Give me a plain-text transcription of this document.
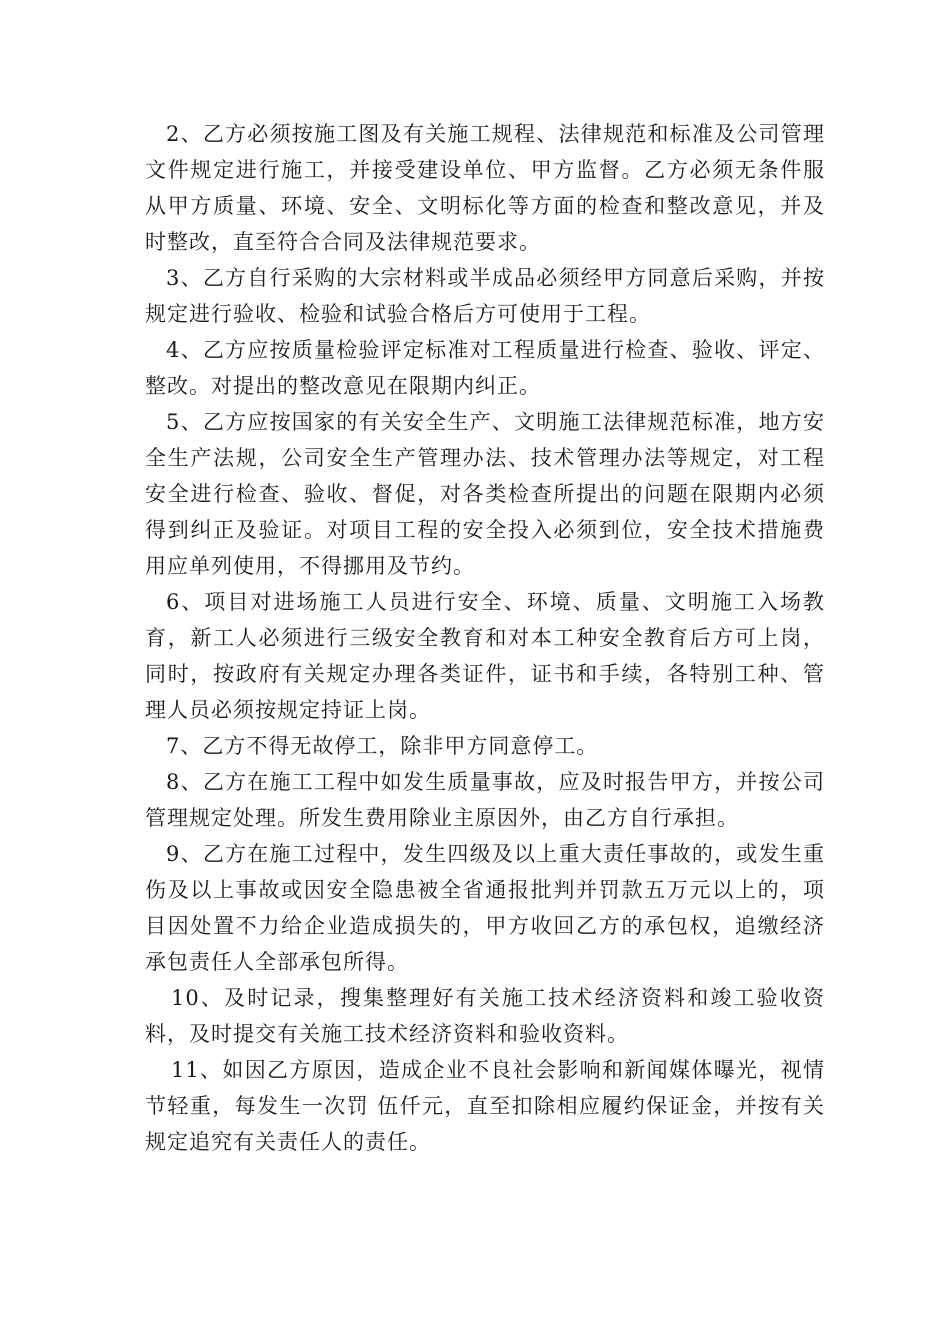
2、乙方必须按施工图及有关施工规程、法律规范和标准及公司管理文件规定进行施工，并接受建设单位、甲方监督。乙方必须无条件服从甲方质量、环境、安全、文明标化等方面的检查和整改意见，并及时整改，直至符合合同及法律规范要求。

3、乙方自行采购的大宗材料或半成品必须经甲方同意后采购，并按规定进行验收、检验和试验合格后方可使用于工程。

4、乙方应按质量检验评定标准对工程质量进行检查、验收、评定、整改。对提出的整改意见在限期内纠正。

5、乙方应按国家的有关安全生产、文明施工法律规范标准，地方安全生产法规，公司安全生产管理办法、技术管理办法等规定，对工程安全进行检查、验收、督促，对各类检查所提出的问题在限期内必须得到纠正及验证。对项目工程的安全投入必须到位，安全技术措施费用应单列使用，不得挪用及节约。

6、项目对进场施工人员进行安全、环境、质量、文明施工入场教育，新工人必须进行三级安全教育和对本工种安全教育后方可上岗，同时，按政府有关规定办理各类证件，证书和手续，各特别工种、管理人员必须按规定持证上岗。

7、乙方不得无故停工，除非甲方同意停工。

8、乙方在施工工程中如发生质量事故，应及时报告甲方，并按公司管理规定处理。所发生费用除业主原因外，由乙方自行承担。

9、乙方在施工过程中，发生四级及以上重大责任事故的，或发生重伤及以上事故或因安全隐患被全省通报批判并罚款五万元以上的，项目因处置不力给企业造成损失的，甲方收回乙方的承包权，追缴经济承包责任人全部承包所得。

10、及时记录，搜集整理好有关施工技术经济资料和竣工验收资料，及时提交有关施工技术经济资料和验收资料。

11、如因乙方原因，造成企业不良社会影响和新闻媒体曝光，视情节轻重，每发生一次罚 伍仟元，直至扣除相应履约保证金，并按有关规定追究有关责任人的责任。
